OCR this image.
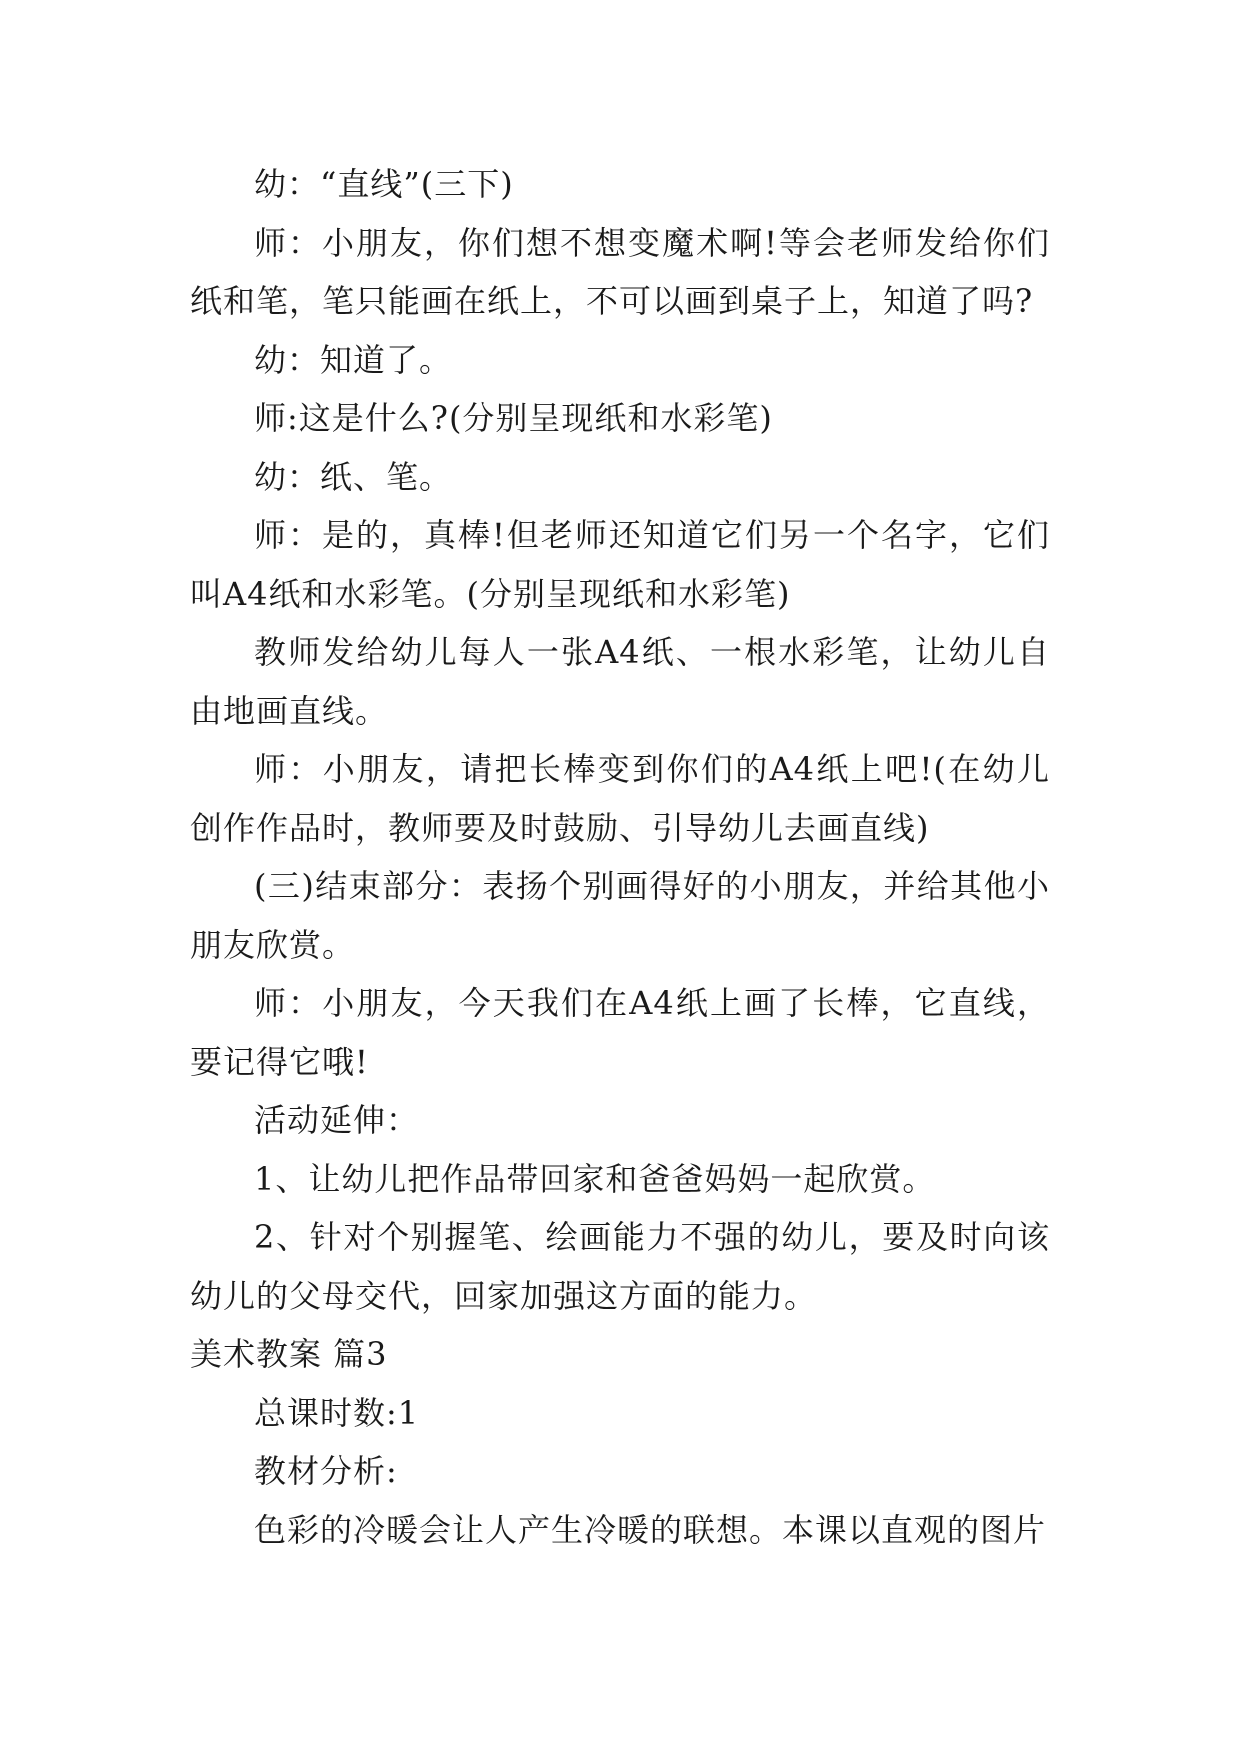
幼：“直线”(三下)

师：小朋友，你们想不想变魔术啊!等会老师发给你们纸和笔，笔只能画在纸上，不可以画到桌子上，知道了吗?

幼：知道了。

师:这是什么?(分别呈现纸和水彩笔)

幼：纸、笔。

师：是的，真棒!但老师还知道它们另一个名字，它们叫A4纸和水彩笔。(分别呈现纸和水彩笔)

教师发给幼儿每人一张A4纸、一根水彩笔，让幼儿自由地画直线。

师：小朋友，请把长棒变到你们的A4纸上吧!(在幼儿创作作品时，教师要及时鼓励、引导幼儿去画直线)

(三)结束部分：表扬个别画得好的小朋友，并给其他小朋友欣赏。

师：小朋友，今天我们在A4纸上画了长棒，它直线，要记得它哦!

活动延伸：

1、让幼儿把作品带回家和爸爸妈妈一起欣赏。

2、针对个别握笔、绘画能力不强的幼儿，要及时向该幼儿的父母交代，回家加强这方面的能力。

美术教案 篇3

总课时数:1

教材分析:

色彩的冷暖会让人产生冷暖的联想。本课以直观的图片
